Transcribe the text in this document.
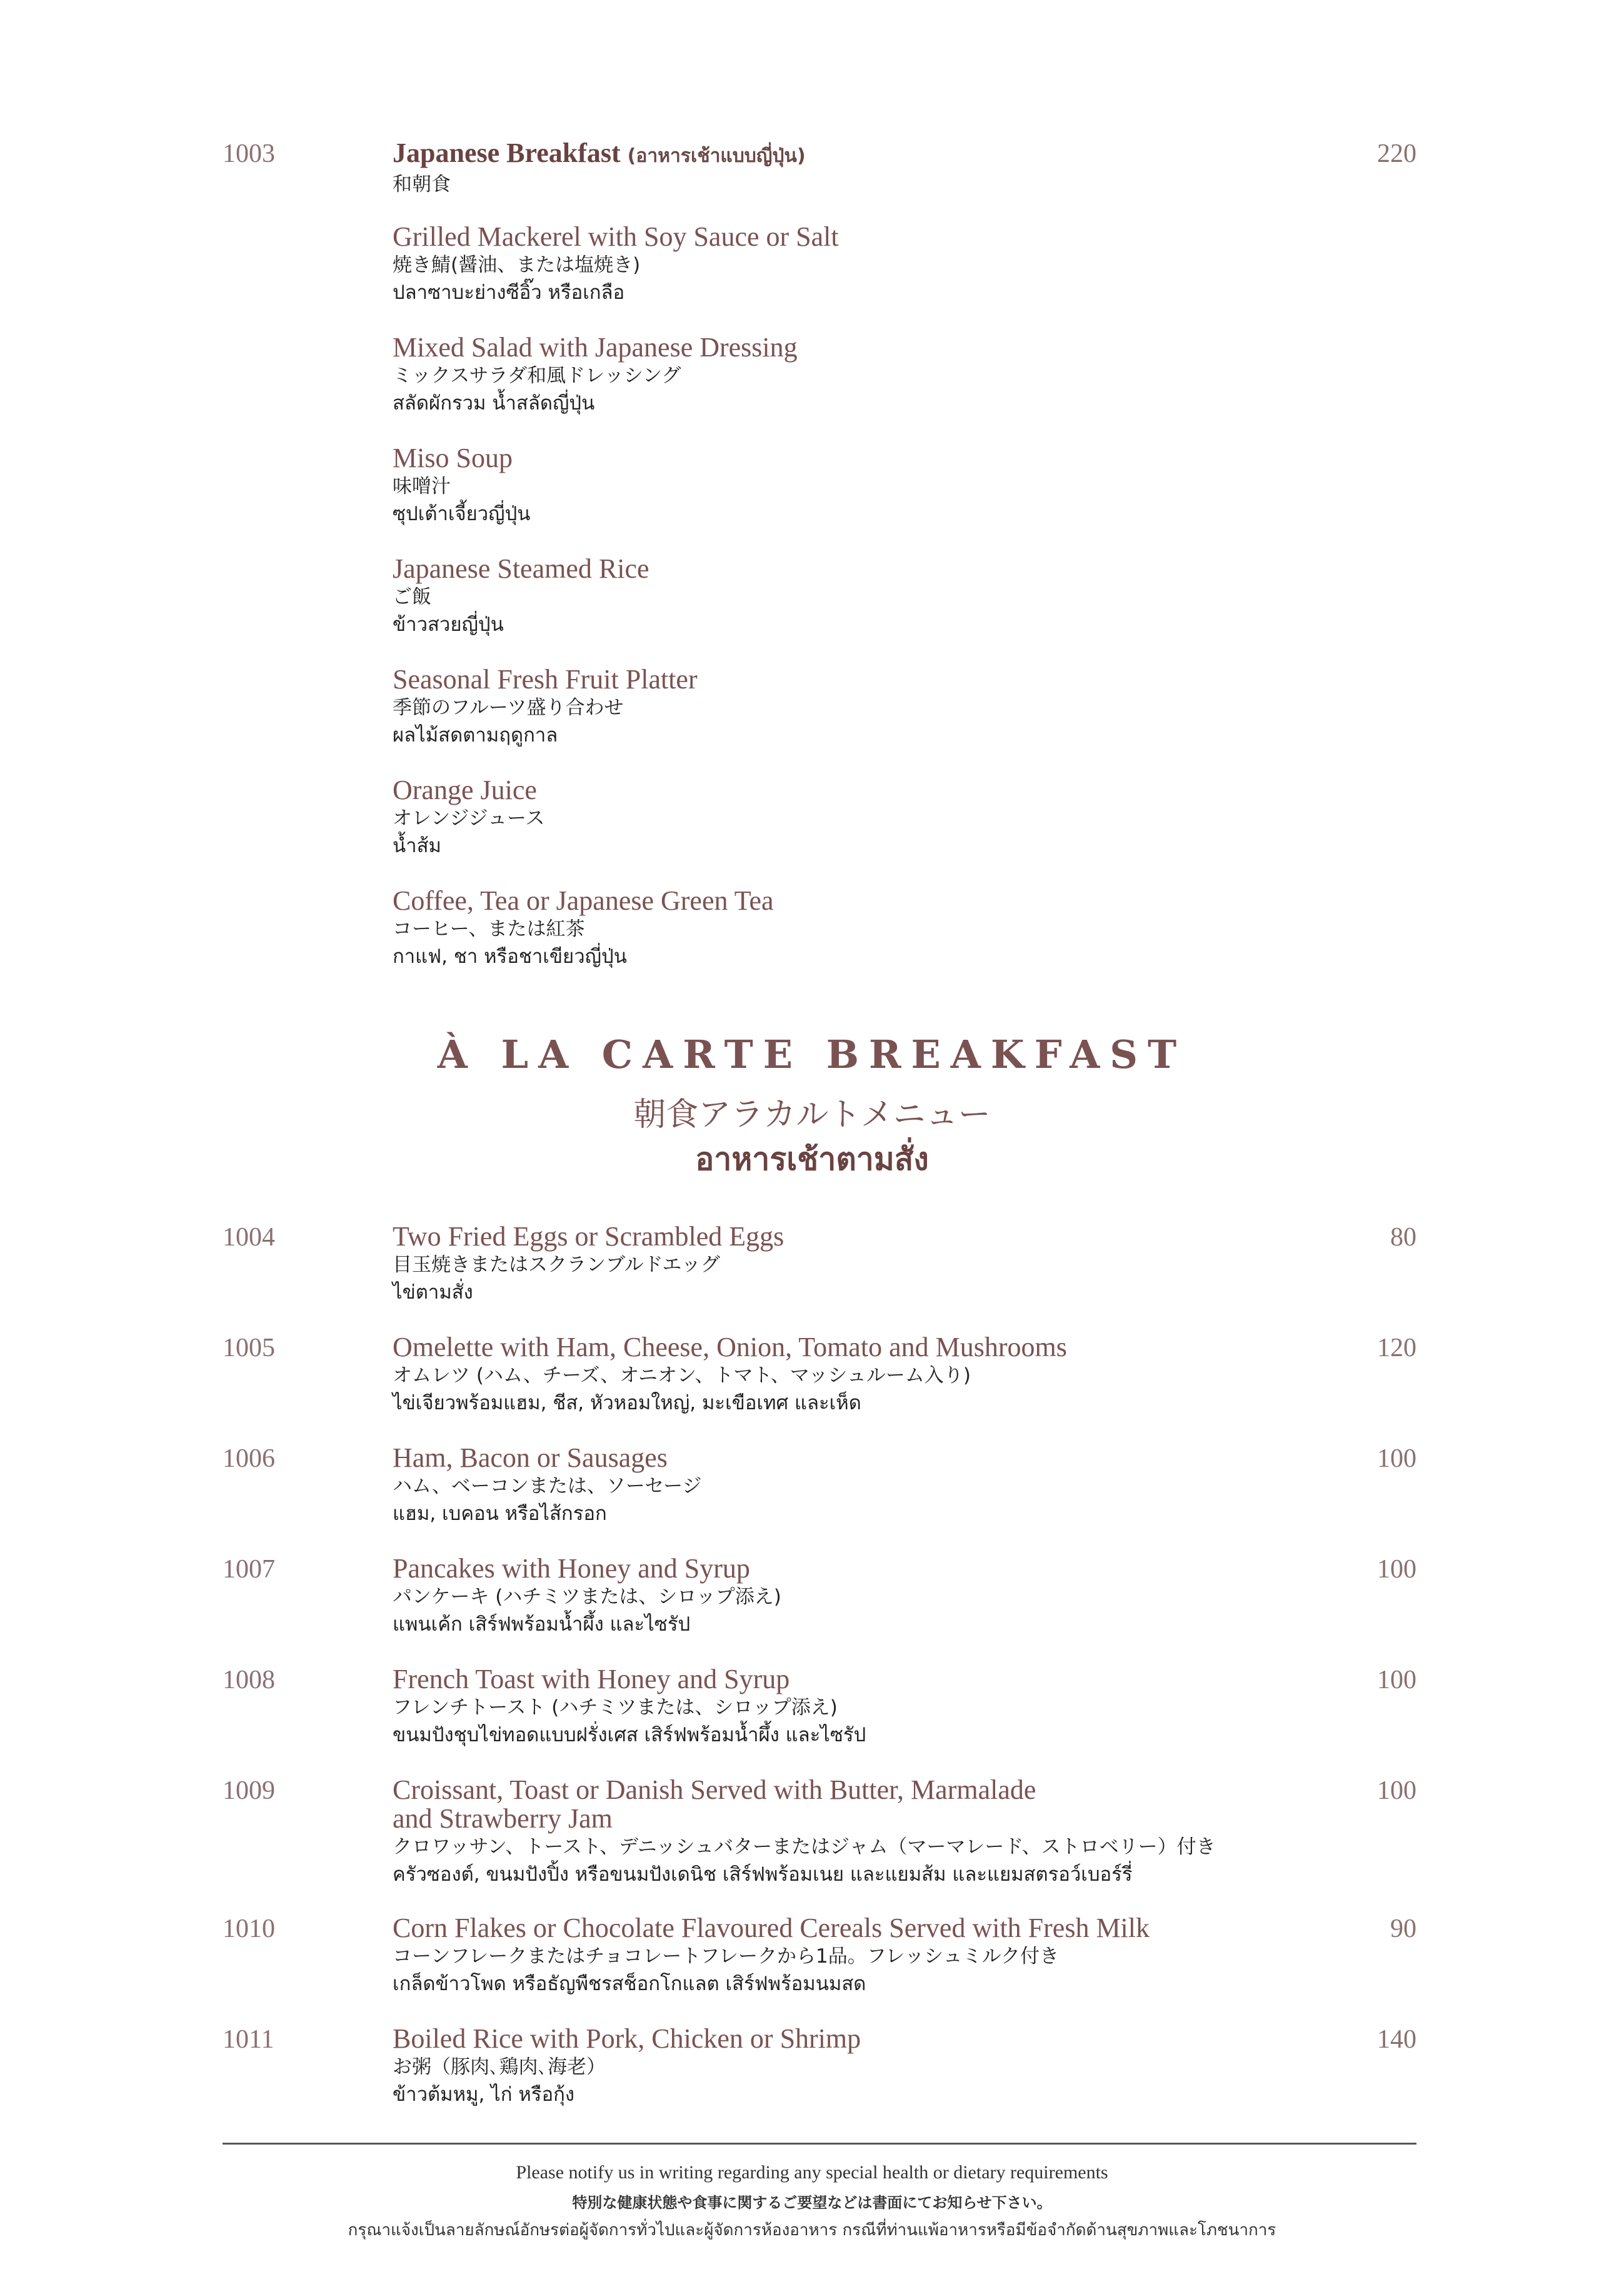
1003	Japanese Breakfast (อาหารเช้าแบบญี่ปุ่น)

和朝食

220

Grilled Mackerel with Soy Sauce or Salt

焼き鯖(醤油、または塩焼き)

ปลาซาบะย่างซีอิ๊ว หรือเกลือ

Mixed Salad with Japanese Dressing

ミックスサラダ和風ドレッシング

สลัดผักรวม น้ำสลัดญี่ปุ่น

Miso Soup

味噌汁

ซุปเต้าเจี้ยวญี่ปุ่น

Japanese Steamed Rice

ご飯

ข้าวสวยญี่ปุ่น

Seasonal Fresh Fruit Platter

季節のフルーツ盛り合わせ

ผลไม้สดตามฤดูกาล

Orange Juice

オレンジジュース

น้ำส้ม

Coffee, Tea or Japanese Green Tea

コーヒー、または紅茶

กาแฟ, ชา หรือชาเขียวญี่ปุ่น

À LA CARTE BREAKFAST
朝食アラカルトメニュー
อาหารเช้าตามสั่ง
1004	Two Fried Eggs or Scrambled Eggs

目玉焼きまたはスクランブルドエッグ

ไข่ตามสั่ง

80
1005	Omelette with Ham, Cheese, Onion, Tomato and Mushrooms

オムレツ (ハム、チーズ、オニオン、トマト、マッシュルーム入り)

ไข่เจียวพร้อมแฮม, ชีส, หัวหอมใหญ่, มะเขือเทศ และเห็ด

120
1006	Ham, Bacon or Sausages

ハム、ベーコンまたは、ソーセージ

แฮม, เบคอน หรือไส้กรอก

100
1007	Pancakes with Honey and Syrup

パンケーキ (ハチミツまたは、シロップ添え)

แพนเค้ก เสิร์ฟพร้อมน้ำผึ้ง และไซรัป

100
1008	French Toast with Honey and Syrup

フレンチトースト (ハチミツまたは、シロップ添え)

ขนมปังชุบไข่ทอดแบบฝรั่งเศส เสิร์ฟพร้อมน้ำผึ้ง และไซรัป

100
1009	Croissant, Toast or Danish Served with Butter, Marmalade

and Strawberry Jam

クロワッサン、トースト、デニッシュバターまたはジャム（マーマレード、ストロベリー）付き

ครัวซองต์, ขนมปังปิ้ง หรือขนมปังเดนิช เสิร์ฟพร้อมเนย และแยมส้ม และแยมสตรอว์เบอร์รี่

100
1010	Corn Flakes or Chocolate Flavoured Cereals Served with Fresh Milk

コーンフレークまたはチョコレートフレークから1品。フレッシュミルク付き

เกล็ดข้าวโพด หรือธัญพืชรสช็อกโกแลต เสิร์ฟพร้อมนมสด

90
1011	Boiled Rice with Pork, Chicken or Shrimp

お粥（豚肉､鶏肉､海老）

ข้าวต้มหมู, ไก่ หรือกุ้ง

140
Please notify us in writing regarding any special health or dietary requirements
特別な健康状態や食事に関するご要望などは書面にてお知らせ下さい。
กรุณาแจ้งเป็นลายลักษณ์อักษรต่อผู้จัดการทั่วไปและผู้จัดการห้องอาหาร กรณีที่ท่านแพ้อาหารหรือมีข้อจำกัดด้านสุขภาพและโภชนาการ
